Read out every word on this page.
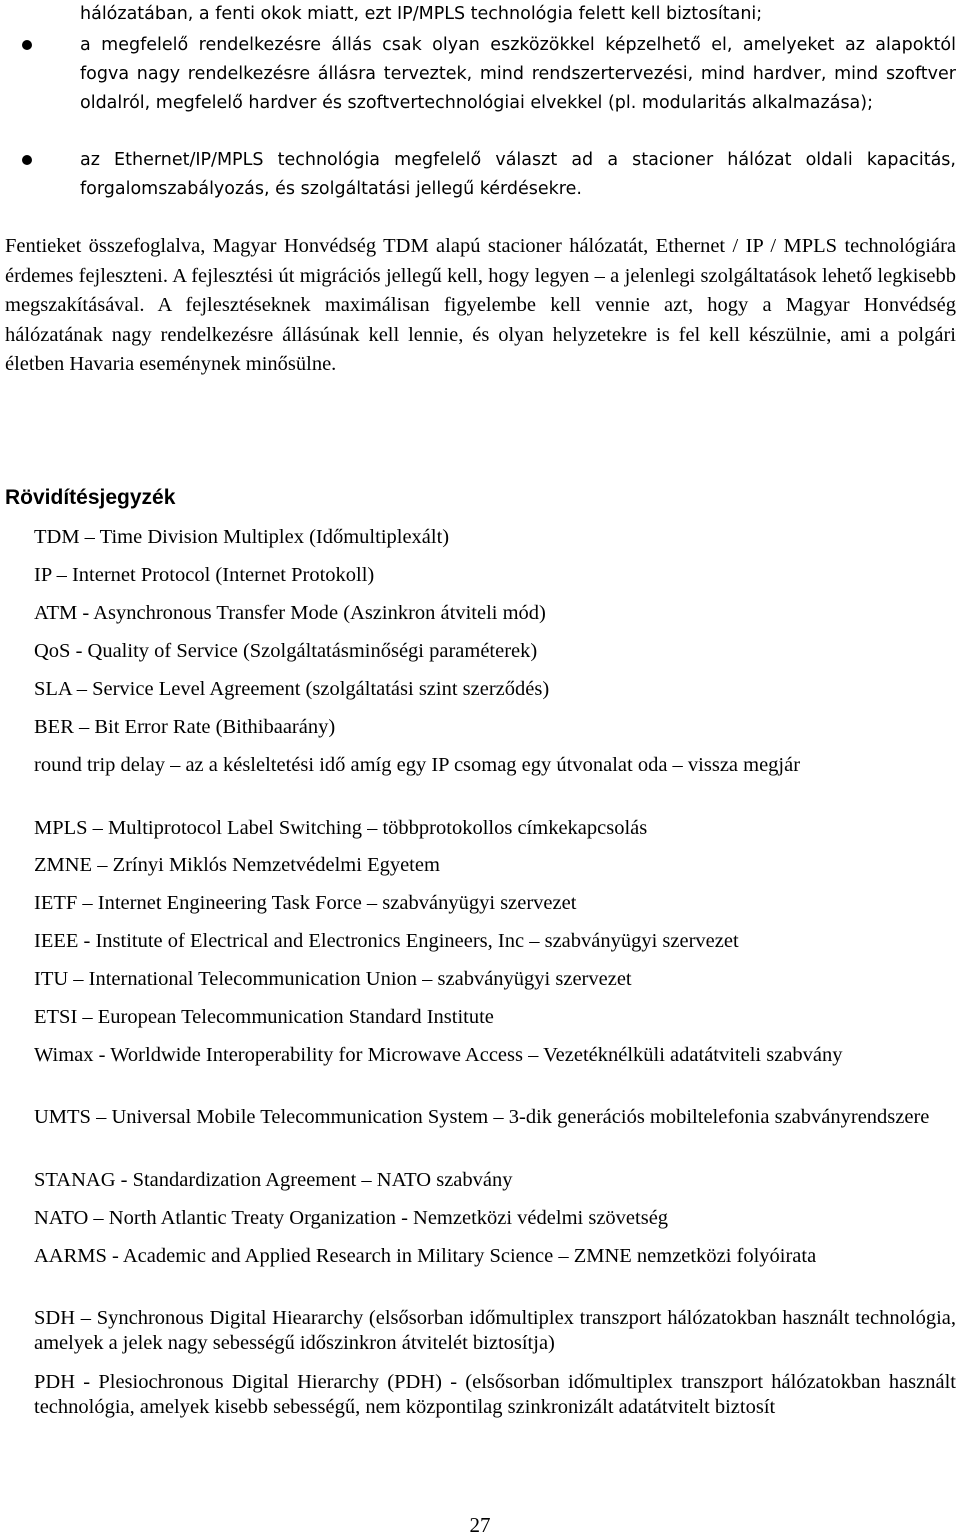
hálózatában, a fenti okok miatt, ezt IP/MPLS technológia felett kell biztosítani;
a megfelelő rendelkezésre állás csak olyan eszközökkel képzelhető el, amelyeket az alapoktól fogva nagy rendelkezésre állásra terveztek, mind rendszertervezési, mind hardver, mind szoftver oldalról, megfelelő hardver és szoftvertechnológiai elvekkel (pl. modularitás alkalmazása);
az Ethernet/IP/MPLS technológia megfelelő választ ad a stacioner hálózat oldali kapacitás, forgalomszabályozás, és szolgáltatási jellegű kérdésekre.
Fentieket összefoglalva, Magyar Honvédség TDM alapú stacioner hálózatát, Ethernet / IP / MPLS technológiára érdemes fejleszteni. A fejlesztési út migrációs jellegű kell, hogy legyen – a jelenlegi szolgáltatások lehető legkisebb megszakításával. A fejlesztéseknek maximálisan figyelembe kell vennie azt, hogy a Magyar Honvédség hálózatának nagy rendelkezésre állásúnak kell lennie, és olyan helyzetekre is fel kell készülnie, ami a polgári életben Havaria eseménynek minősülne.
Rövidítésjegyzék
TDM – Time Division Multiplex (Időmultiplexált)
IP – Internet Protocol (Internet Protokoll)
ATM - Asynchronous Transfer Mode (Aszinkron átviteli mód)
QoS - Quality of Service (Szolgáltatásminőségi paraméterek)
SLA – Service Level Agreement (szolgáltatási szint szerződés)
BER – Bit Error Rate (Bithibaarány)
round trip delay – az a késleltetési idő amíg egy IP csomag egy útvonalat oda – vissza megjár
MPLS – Multiprotocol Label Switching – többprotokollos címkekapcsolás
ZMNE – Zrínyi Miklós Nemzetvédelmi Egyetem
IETF – Internet Engineering Task Force – szabványügyi szervezet
IEEE - Institute of Electrical and Electronics Engineers, Inc – szabványügyi szervezet
ITU – International Telecommunication Union – szabványügyi szervezet
ETSI – European Telecommunication Standard Institute
Wimax - Worldwide Interoperability for Microwave Access – Vezetéknélküli adatátviteli szabvány
UMTS – Universal Mobile Telecommunication System – 3-dik generációs mobiltelefonia szabványrendszere
STANAG - Standardization Agreement – NATO szabvány
NATO – North Atlantic Treaty Organization - Nemzetközi védelmi szövetség
AARMS - Academic and Applied Research in Military Science – ZMNE nemzetközi folyóirata
SDH – Synchronous Digital Hieararchy (elsősorban időmultiplex transzport hálózatokban használt technológia, amelyek a jelek nagy sebességű időszinkron átvitelét biztosítja)
PDH - Plesiochronous Digital Hierarchy (PDH) - (elsősorban időmultiplex transzport hálózatokban használt technológia, amelyek kisebb sebességű, nem központilag szinkronizált adatátvitelt biztosít
27
